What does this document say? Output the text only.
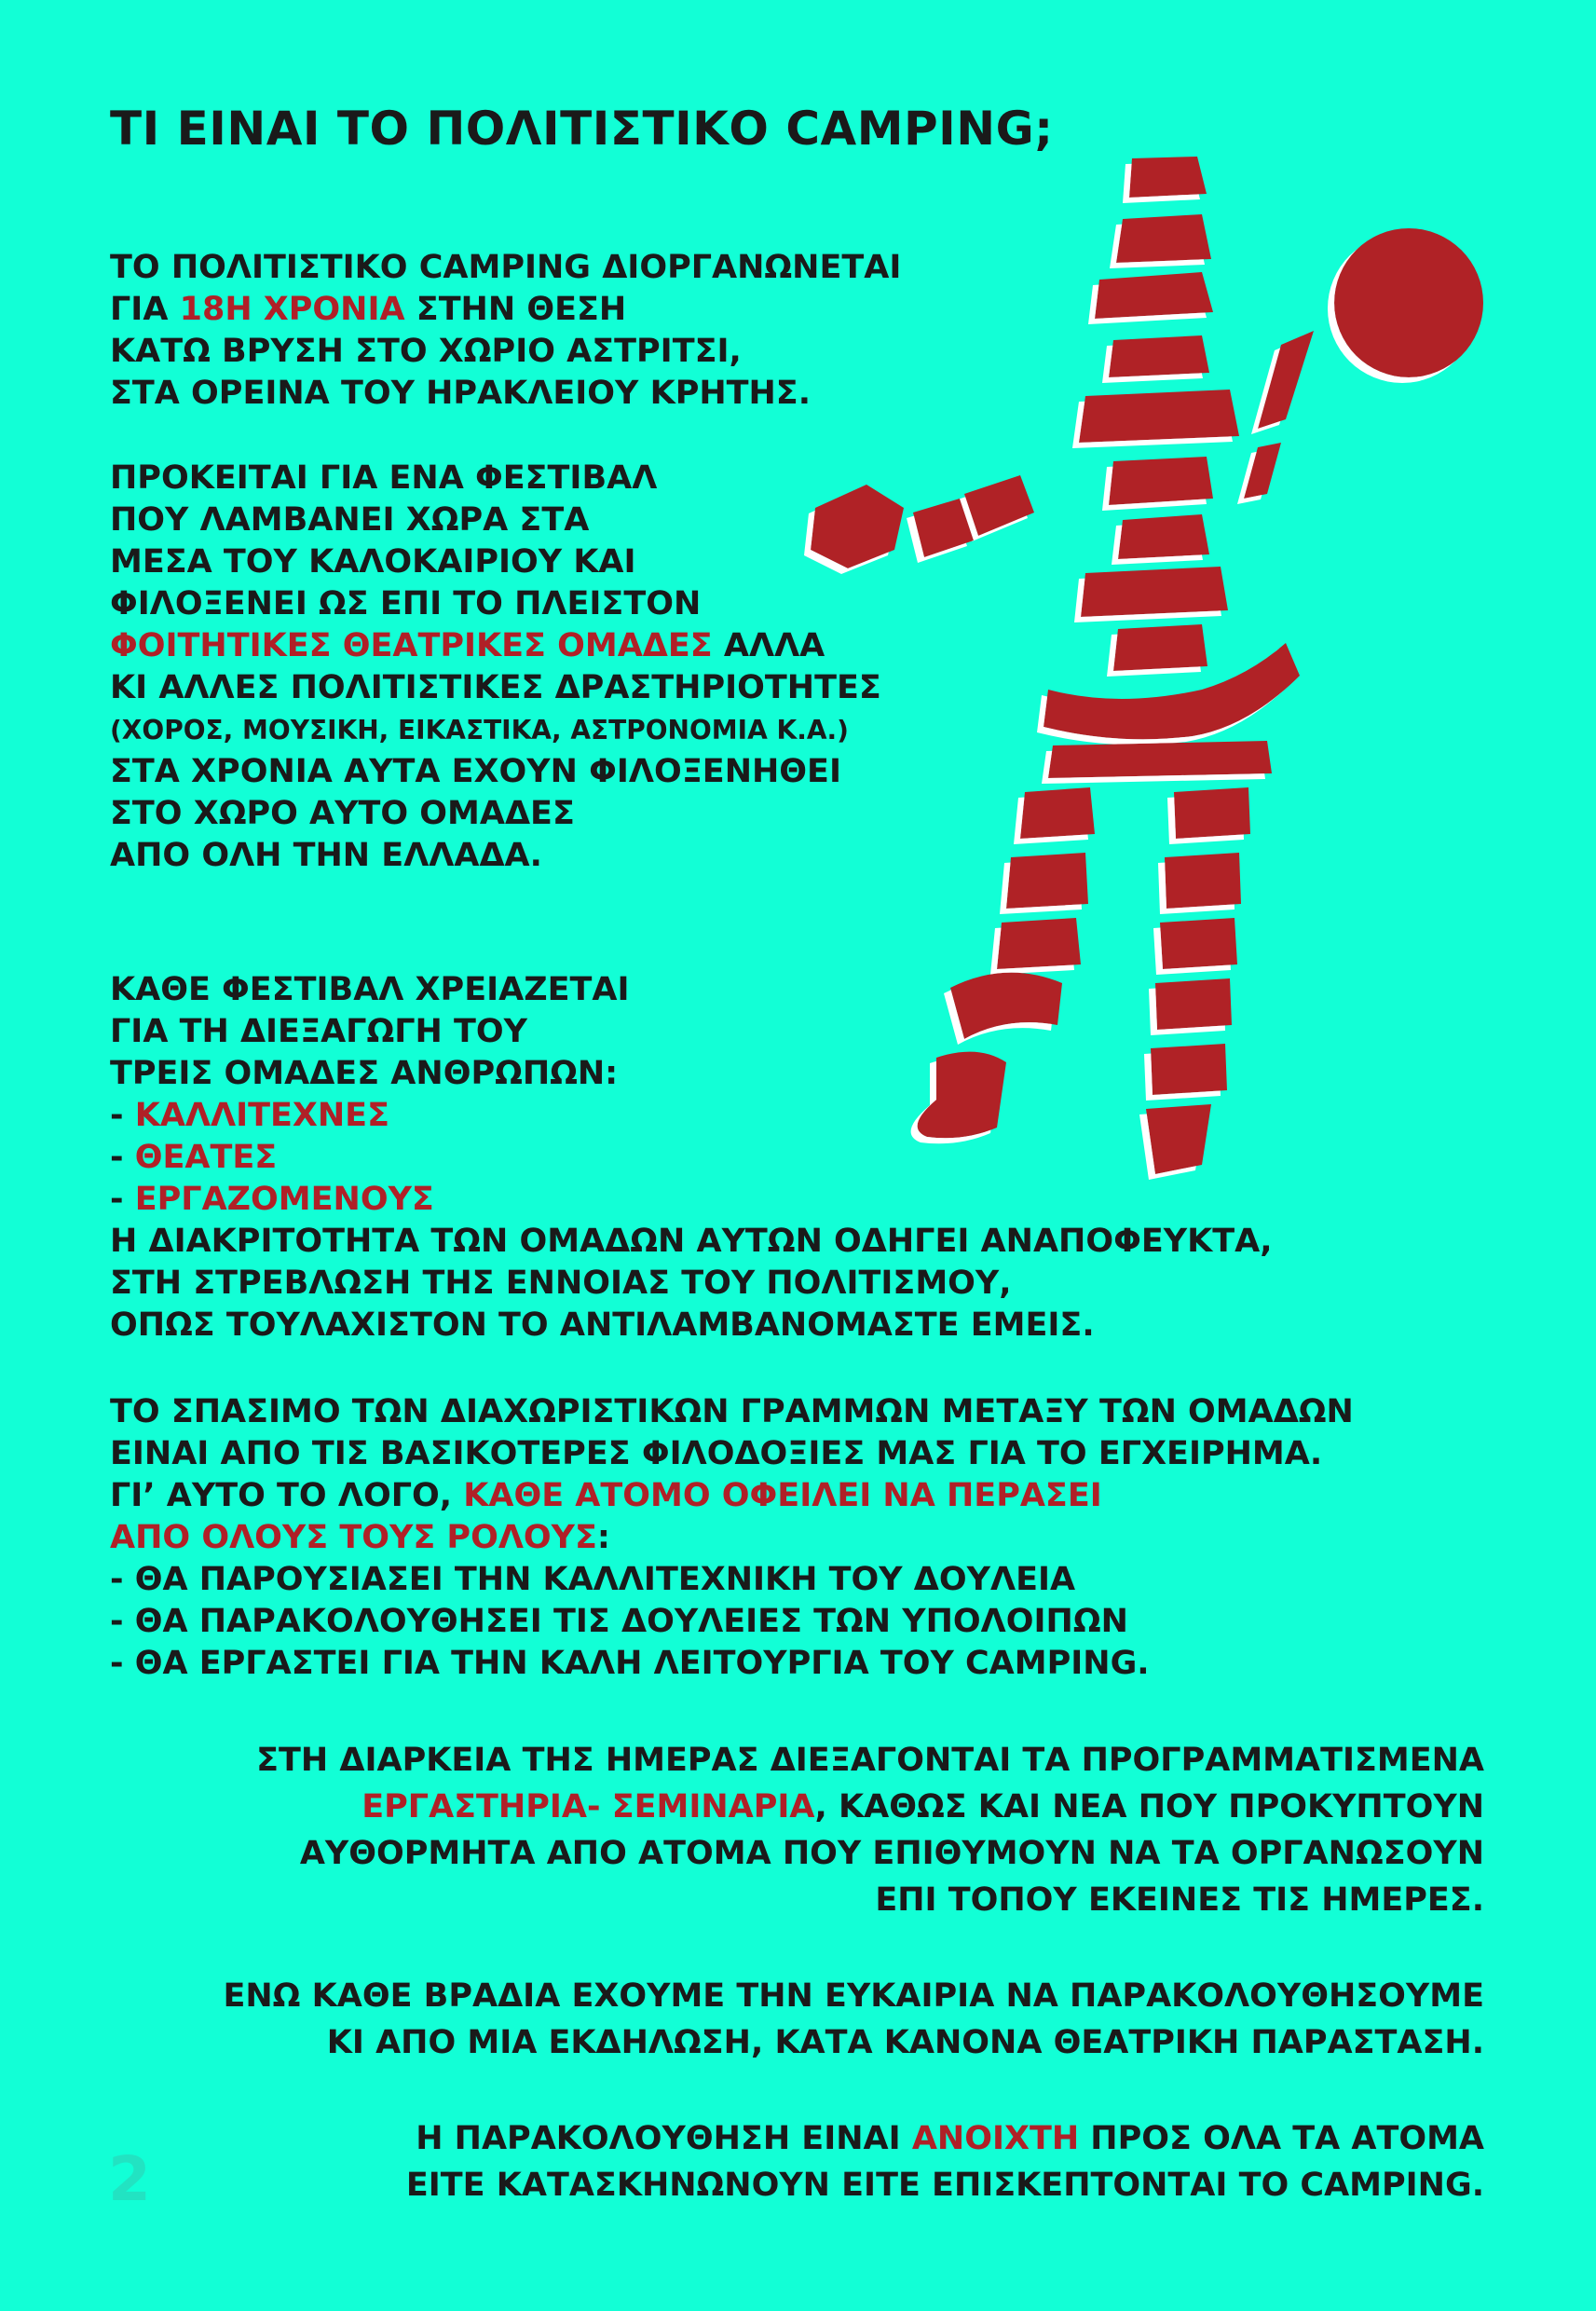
ΤΙ ΕΙΝΑΙ ΤΟ ΠΟΛΙΤΙΣΤΙΚΟ CAMPING;
ΤΟ ΠΟΛΙΤΙΣΤΙΚΟ CAMPING ΔΙΟΡΓΑΝΩΝΕΤΑΙ
ΓΙΑ 18Η ΧΡΟΝΙΑ ΣΤΗΝ ΘΕΣΗ
ΚΑΤΩ ΒΡΥΣΗ ΣΤΟ ΧΩΡΙΟ ΑΣΤΡΙΤΣΙ,
ΣΤΑ ΟΡΕΙΝΑ ΤΟΥ ΗΡΑΚΛΕΙΟΥ ΚΡΗΤΗΣ.
ΠΡΟΚΕΙΤΑΙ ΓΙΑ ΕΝΑ ΦΕΣΤΙΒΑΛ
ΠΟΥ ΛΑΜΒΑΝΕΙ ΧΩΡΑ ΣΤΑ
ΜΕΣΑ ΤΟΥ ΚΑΛΟΚΑΙΡΙΟΥ ΚΑΙ
ΦΙΛΟΞΕΝΕΙ ΩΣ ΕΠΙ ΤΟ ΠΛΕΙΣΤΟΝ
ΦΟΙΤΗΤΙΚΕΣ ΘΕΑΤΡΙΚΕΣ ΟΜΑΔΕΣ ΑΛΛΑ
ΚΙ ΑΛΛΕΣ ΠΟΛΙΤΙΣΤΙΚΕΣ ΔΡΑΣΤΗΡΙΟΤΗΤΕΣ
(ΧΟΡΟΣ, ΜΟΥΣΙΚΗ, ΕΙΚΑΣΤΙΚΑ, ΑΣΤΡΟΝΟΜΙΑ Κ.Α.)
ΣΤΑ ΧΡΟΝΙΑ ΑΥΤΑ ΕΧΟΥΝ ΦΙΛΟΞΕΝΗΘΕΙ
ΣΤΟ ΧΩΡΟ ΑΥΤΟ ΟΜΑΔΕΣ
ΑΠΟ ΟΛΗ ΤΗΝ ΕΛΛΑΔΑ.
ΚΑΘΕ ΦΕΣΤΙΒΑΛ ΧΡΕΙΑΖΕΤΑΙ
ΓΙΑ ΤΗ ΔΙΕΞΑΓΩΓΗ ΤΟΥ
ΤΡΕΙΣ ΟΜΑΔΕΣ ΑΝΘΡΩΠΩΝ:
- ΚΑΛΛΙΤΕΧΝΕΣ
- ΘΕΑΤΕΣ
- ΕΡΓΑΖΟΜΕΝΟΥΣ
Η ΔΙΑΚΡΙΤΟΤΗΤΑ ΤΩΝ ΟΜΑΔΩΝ ΑΥΤΩΝ ΟΔΗΓΕΙ ΑΝΑΠΟΦΕΥΚΤΑ,
ΣΤΗ ΣΤΡΕΒΛΩΣΗ ΤΗΣ ΕΝΝΟΙΑΣ ΤΟΥ ΠΟΛΙΤΙΣΜΟΥ,
ΟΠΩΣ ΤΟΥΛΑΧΙΣΤΟΝ ΤΟ ΑΝΤΙΛΑΜΒΑΝΟΜΑΣΤΕ ΕΜΕΙΣ.
ΤΟ ΣΠΑΣΙΜΟ ΤΩΝ ΔΙΑΧΩΡΙΣΤΙΚΩΝ ΓΡΑΜΜΩΝ ΜΕΤΑΞΥ ΤΩΝ ΟΜΑΔΩΝ
ΕΙΝΑΙ ΑΠΟ ΤΙΣ ΒΑΣΙΚΟΤΕΡΕΣ ΦΙΛΟΔΟΞΙΕΣ ΜΑΣ ΓΙΑ ΤΟ ΕΓΧΕΙΡΗΜΑ.
ΓΙ’ ΑΥΤΟ ΤΟ ΛΟΓΟ, ΚΑΘΕ ΑΤΟΜΟ ΟΦΕΙΛΕΙ ΝΑ ΠΕΡΑΣΕΙ
ΑΠΟ ΟΛΟΥΣ ΤΟΥΣ ΡΟΛΟΥΣ:
- ΘΑ ΠΑΡΟΥΣΙΑΣΕΙ ΤΗΝ ΚΑΛΛΙΤΕΧΝΙΚΗ ΤΟΥ ΔΟΥΛΕΙΑ
- ΘΑ ΠΑΡΑΚΟΛΟΥΘΗΣΕΙ ΤΙΣ ΔΟΥΛΕΙΕΣ ΤΩΝ ΥΠΟΛΟΙΠΩΝ
- ΘΑ ΕΡΓΑΣΤΕΙ ΓΙΑ ΤΗΝ ΚΑΛΗ ΛΕΙΤΟΥΡΓΙΑ ΤΟΥ CAMPING.
ΣΤΗ ΔΙΑΡΚΕΙΑ ΤΗΣ ΗΜΕΡΑΣ ΔΙΕΞΑΓΟΝΤΑΙ ΤΑ ΠΡΟΓΡΑΜΜΑΤΙΣΜΕΝΑ
ΕΡΓΑΣΤΗΡΙΑ- ΣΕΜΙΝΑΡΙΑ, ΚΑΘΩΣ ΚΑΙ ΝΕΑ ΠΟΥ ΠΡΟΚΥΠΤΟΥΝ
ΑΥΘΟΡΜΗΤΑ ΑΠΟ ΑΤΟΜΑ ΠΟΥ ΕΠΙΘΥΜΟΥΝ ΝΑ ΤΑ ΟΡΓΑΝΩΣΟΥΝ
ΕΠΙ ΤΟΠΟΥ ΕΚΕΙΝΕΣ ΤΙΣ ΗΜΕΡΕΣ.
ΕΝΩ ΚΑΘΕ ΒΡΑΔΙΑ ΕΧΟΥΜΕ ΤΗΝ ΕΥΚΑΙΡΙΑ ΝΑ ΠΑΡΑΚΟΛΟΥΘΗΣΟΥΜΕ
ΚΙ ΑΠΟ ΜΙΑ ΕΚΔΗΛΩΣΗ, ΚΑΤΑ ΚΑΝΟΝΑ ΘΕΑΤΡΙΚΗ ΠΑΡΑΣΤΑΣΗ.
Η ΠΑΡΑΚΟΛΟΥΘΗΣΗ ΕΙΝΑΙ ΑΝΟΙΧΤΗ ΠΡΟΣ ΟΛΑ ΤΑ ΑΤΟΜΑ
ΕΙΤΕ ΚΑΤΑΣΚΗΝΩΝΟΥΝ ΕΙΤΕ ΕΠΙΣΚΕΠΤΟΝΤΑΙ ΤΟ CAMPING.
2
